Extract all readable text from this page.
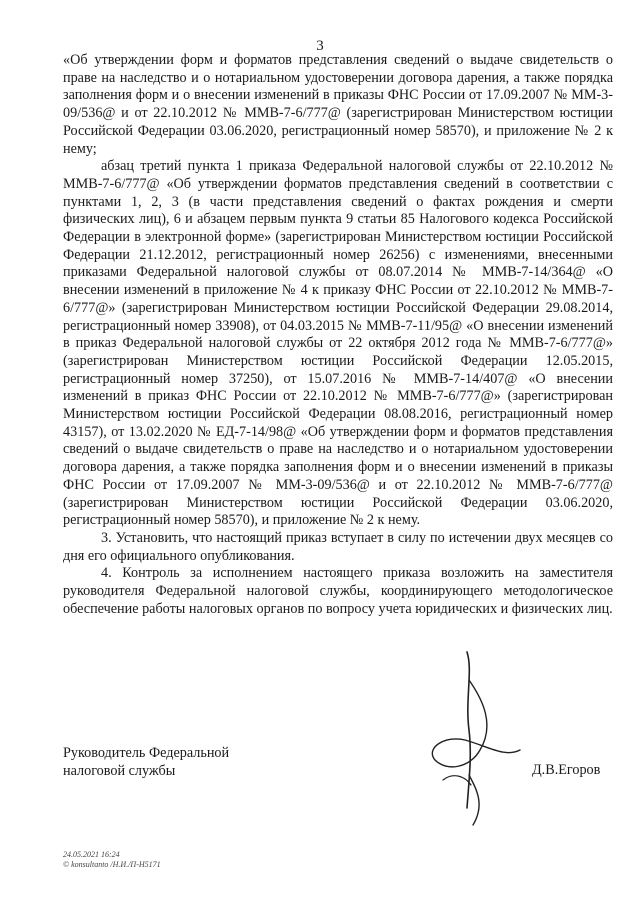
3

«Об утверждении форм и форматов представления сведений о выдаче свидетельств о праве на наследство и о нотариальном удостоверении договора дарения, а также порядка заполнения форм и о внесении изменений в приказы ФНС России от 17.09.2007 № ММ-3-09/536@ и от 22.10.2012 № ММВ-7-6/777@ (зарегистрирован Министерством юстиции Российской Федерации 03.06.2020, регистрационный номер 58570), и приложение № 2 к нему;

абзац третий пункта 1 приказа Федеральной налоговой службы от 22.10.2012 № ММВ-7-6/777@ «Об утверждении форматов представления сведений в соответствии с пунктами 1, 2, 3 (в части представления сведений о фактах рождения и смерти физических лиц), 6 и абзацем первым пункта 9 статьи 85 Налогового кодекса Российской Федерации в электронной форме» (зарегистрирован Министерством юстиции Российской Федерации 21.12.2012, регистрационный номер 26256) с изменениями, внесенными приказами Федеральной налоговой службы от 08.07.2014 № ММВ-7-14/364@ «О внесении изменений в приложение № 4 к приказу ФНС России от 22.10.2012 № ММВ-7-6/777@» (зарегистрирован Министерством юстиции Российской Федерации 29.08.2014, регистрационный номер 33908), от 04.03.2015 № ММВ-7-11/95@ «О внесении изменений в приказ Федеральной налоговой службы от 22 октября 2012 года № ММВ-7-6/777@» (зарегистрирован Министерством юстиции Российской Федерации 12.05.2015, регистрационный номер 37250), от 15.07.2016 № ММВ-7-14/407@ «О внесении изменений в приказ ФНС России от 22.10.2012 № ММВ-7-6/777@» (зарегистрирован Министерством юстиции Российской Федерации 08.08.2016, регистрационный номер 43157), от 13.02.2020 № ЕД-7-14/98@ «Об утверждении форм и форматов представления сведений о выдаче свидетельств о праве на наследство и о нотариальном удостоверении договора дарения, а также порядка заполнения форм и о внесении изменений в приказы ФНС России от 17.09.2007 № ММ-3-09/536@ и от 22.10.2012 № ММВ-7-6/777@ (зарегистрирован Министерством юстиции Российской Федерации 03.06.2020, регистрационный номер 58570), и приложение № 2 к нему.

3. Установить, что настоящий приказ вступает в силу по истечении двух месяцев со дня его официального опубликования.

4. Контроль за исполнением настоящего приказа возложить на заместителя руководителя Федеральной налоговой службы, координирующего методологическое обеспечение работы налоговых органов по вопросу учета юридических и физических лиц.

Руководитель Федеральной
налоговой службы	Д.В.Егоров
24.05.2021 16:24
© konsultanto /Н.И./П-Н5171
